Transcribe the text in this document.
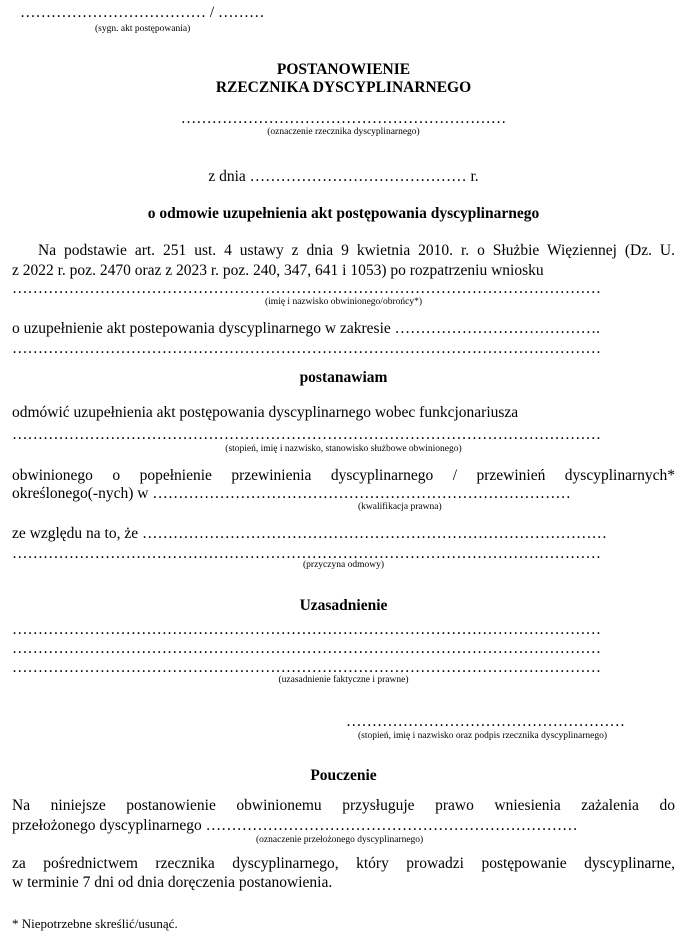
……………………………… / ………
(sygn. akt postępowania)
POSTANOWIENIE
RZECZNIKA DYSCYPLINARNEGO
………………………………………………………
(oznaczenie rzecznika dyscyplinarnego)
z dnia …………………………………… r.
o odmowie uzupełnienia akt postępowania dyscyplinarnego
Na podstawie art. 251 ust. 4 ustawy z dnia 9 kwietnia 2010. r. o Służbie Więziennej (Dz. U.
z 2022 r. poz. 2470 oraz z 2023 r. poz. 240, 347, 641 i 1053) po rozpatrzeniu wniosku
……………………………………………………………………………………………………
(imię i nazwisko obwinionego/obrońcy*)
o uzupełnienie akt postepowania dyscyplinarnego w zakresie ………………………………….
……………………………………………………………………………………………………
postanawiam
odmówić uzupełnienia akt postępowania dyscyplinarnego wobec funkcjonariusza
……………………………………………………………………………………………………
(stopień, imię i nazwisko, stanowisko służbowe obwinionego)
obwinionego o popełnienie przewinienia dyscyplinarnego / przewinień dyscyplinarnych*
określonego(-nych) w ………………………………………………………………………
(kwalifikacja prawna)
ze względu na to, że ………………………………………………………………………………
……………………………………………………………………………………………………
(przyczyna odmowy)
Uzasadnienie
……………………………………………………………………………………………………
……………………………………………………………………………………………………
……………………………………………………………………………………………………
(uzasadnienie faktyczne i prawne)
………………………………………………
(stopień, imię i nazwisko oraz podpis rzecznika dyscyplinarnego)
Pouczenie
Na niniejsze postanowienie obwinionemu przysługuje prawo wniesienia zażalenia do
przełożonego dyscyplinarnego ………………………………………………………………
(oznaczenie przełożonego dyscyplinarnego)
za pośrednictwem rzecznika dyscyplinarnego, który prowadzi postępowanie dyscyplinarne,
w terminie 7 dni od dnia doręczenia postanowienia.
* Niepotrzebne skreślić/usunąć.
